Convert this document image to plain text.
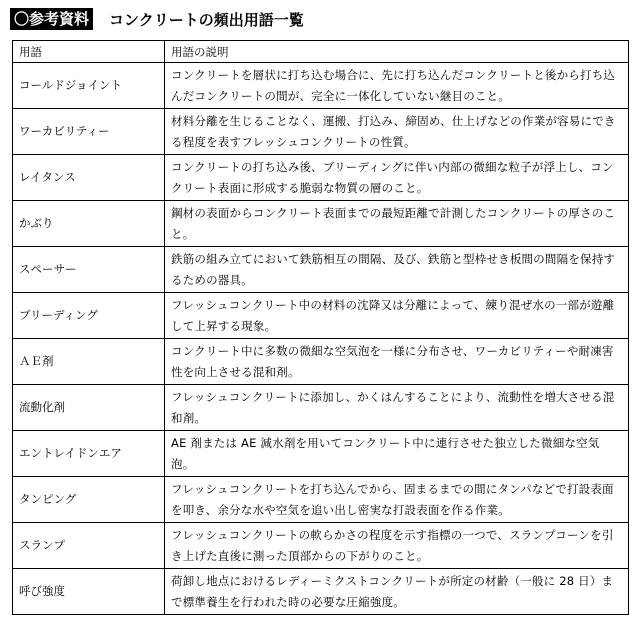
〇参考資料 コンクリートの頻出用語一覧
用語	用語の説明
コールドジョイント	コンクリートを層状に打ち込む場合に、先に打ち込んだコンクリートと後から打ち込んだコンクリートの間が、完全に一体化していない継目のこと。
ワーカビリティー	材料分離を生じることなく、運搬、打込み、締固め、仕上げなどの作業が容易にできる程度を表すフレッシュコンクリートの性質。
レイタンス	コンクリートの打ち込み後、ブリーディングに伴い内部の微細な粒子が浮上し、コンクリート表面に形成する脆弱な物質の層のこと。
かぶり	鋼材の表面からコンクリート表面までの最短距離で計測したコンクリートの厚さのこと。
スペーサー	鉄筋の組み立てにおいて鉄筋相互の間隔、及び、鉄筋と型枠せき板間の間隔を保持するための器具。
ブリーディング	フレッシュコンクリート中の材料の沈降又は分離によって、練り混ぜ水の一部が遊離して上昇する現象。
ＡＥ剤	コンクリート中に多数の微細な空気泡を一様に分布させ、ワーカビリティーや耐凍害性を向上させる混和剤。
流動化剤	フレッシュコンクリートに添加し、かくはんすることにより、流動性を増大させる混和剤。
エントレイドンエア	AE 剤または AE 減水剤を用いてコンクリート中に連行させた独立した微細な空気泡。
タンピング	フレッシュコンクリートを打ち込んでから、固まるまでの間にタンパなどで打設表面を叩き、余分な水や空気を追い出し密実な打設表面を作る作業。
スランプ	フレッシュコンクリートの軟らかさの程度を示す指標の一つで、スランプコーンを引き上げた直後に測った頂部からの下がりのこと。
呼び強度	荷卸し地点におけるレディーミクストコンクリートが所定の材齢（一般に 28 日）まで標準養生を行われた時の必要な圧縮強度。
